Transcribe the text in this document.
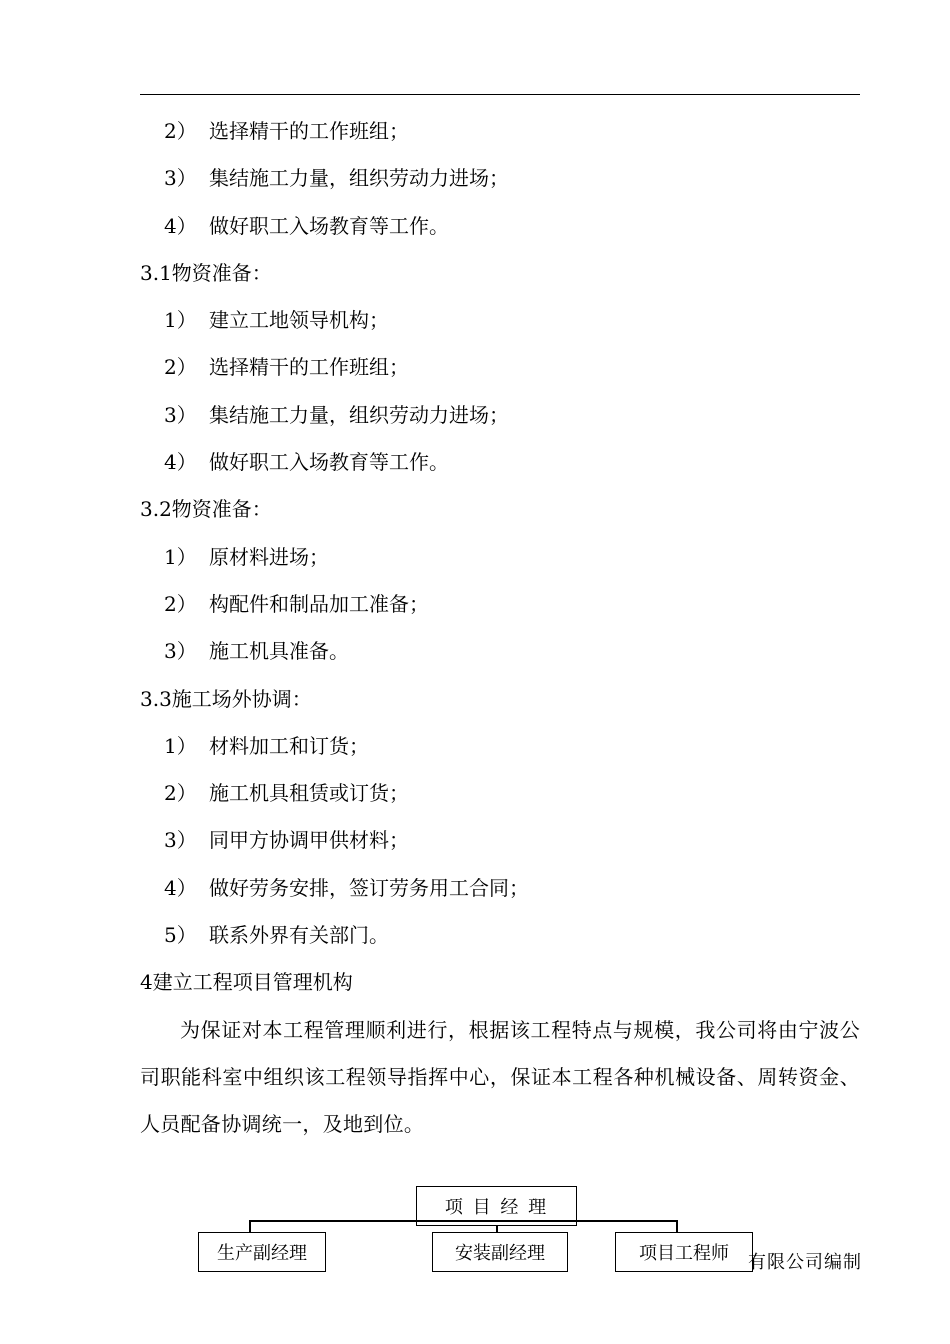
2） 选择精干的工作班组；
3） 集结施工力量，组织劳动力进场；
4） 做好职工入场教育等工作。
3.1物资准备：
1） 建立工地领导机构；
2） 选择精干的工作班组；
3） 集结施工力量，组织劳动力进场；
4） 做好职工入场教育等工作。
3.2物资准备：
1） 原材料进场；
2） 构配件和制品加工准备；
3） 施工机具准备。
3.3施工场外协调：
1） 材料加工和订货；
2） 施工机具租赁或订货；
3） 同甲方协调甲供材料；
4） 做好劳务安排，签订劳务用工合同；
5） 联系外界有关部门。
4建立工程项目管理机构

为保证对本工程管理顺利进行，根据该工程特点与规模，我公司将由宁波公司职能科室中组织该工程领导指挥中心，保证本工程各种机械设备、周转资金、人员配备协调统一，及地到位。

项 目 经 理
生产副经理	安装副经理	项目工程师	有限公司编制
